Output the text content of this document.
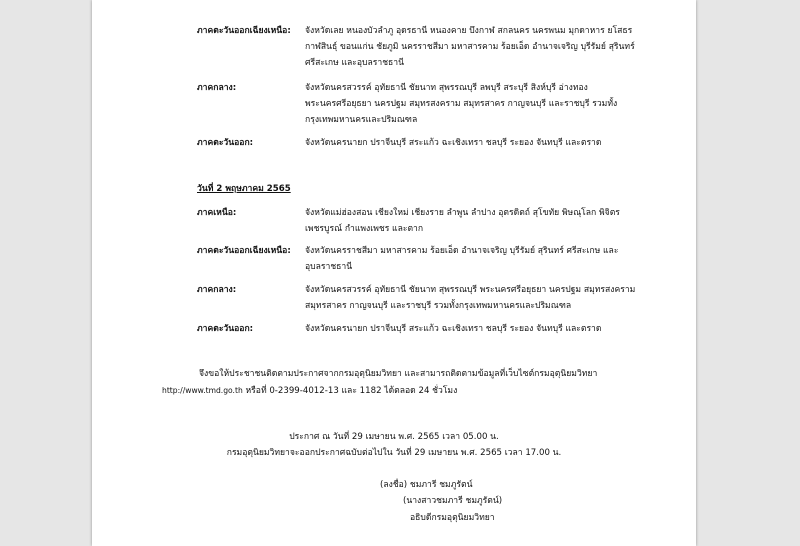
ภาคตะวันออกเฉียงเหนือ:	จังหวัดเลย หนองบัวลำภู อุดรธานี หนองคาย บึงกาฬ สกลนคร นครพนม มุกดาหาร ยโสธร
กาฬสินธุ์ ขอนแก่น ชัยภูมิ นครราชสีมา มหาสารคาม ร้อยเอ็ด อำนาจเจริญ บุรีรัมย์ สุรินทร์
ศรีสะเกษ และอุบลราชธานี
ภาคกลาง:	จังหวัดนครสวรรค์ อุทัยธานี ชัยนาท สุพรรณบุรี ลพบุรี สระบุรี สิงห์บุรี อ่างทอง
พระนครศรีอยุธยา นครปฐม สมุทรสงคราม สมุทรสาคร กาญจนบุรี และราชบุรี รวมทั้ง
กรุงเทพมหานครและปริมณฑล
ภาคตะวันออก:	จังหวัดนครนายก ปราจีนบุรี สระแก้ว ฉะเชิงเทรา ชลบุรี ระยอง จันทบุรี และตราด
วันที่ 2 พฤษภาคม 2565
ภาคเหนือ:	จังหวัดแม่ฮ่องสอน เชียงใหม่ เชียงราย ลำพูน ลำปาง อุตรดิตถ์ สุโขทัย พิษณุโลก พิจิตร
เพชรบูรณ์ กำแพงเพชร และตาก
ภาคตะวันออกเฉียงเหนือ:	จังหวัดนครราชสีมา มหาสารคาม ร้อยเอ็ด อำนาจเจริญ บุรีรัมย์ สุรินทร์ ศรีสะเกษ และ
อุบลราชธานี
ภาคกลาง:	จังหวัดนครสวรรค์ อุทัยธานี ชัยนาท สุพรรณบุรี พระนครศรีอยุธยา นครปฐม สมุทรสงคราม
สมุทรสาคร กาญจนบุรี และราชบุรี รวมทั้งกรุงเทพมหานครและปริมณฑล
ภาคตะวันออก:	จังหวัดนครนายก ปราจีนบุรี สระแก้ว ฉะเชิงเทรา ชลบุรี ระยอง จันทบุรี และตราด
จึงขอให้ประชาชนติดตามประกาศจากกรมอุตุนิยมวิทยา และสามารถติดตามข้อมูลที่เว็บไซต์กรมอุตุนิยมวิทยา
http://www.tmd.go.th หรือที่ 0-2399-4012-13 และ 1182 ได้ตลอด 24 ชั่วโมง
ประกาศ ณ วันที่ 29 เมษายน พ.ศ. 2565 เวลา 05.00 น.
กรมอุตุนิยมวิทยาจะออกประกาศฉบับต่อไปใน วันที่ 29 เมษายน พ.ศ. 2565 เวลา 17.00 น.
(ลงชื่อ) ชมภารี ชมภูรัตน์
(นางสาวชมภารี ชมภูรัตน์)
อธิบดีกรมอุตุนิยมวิทยา
